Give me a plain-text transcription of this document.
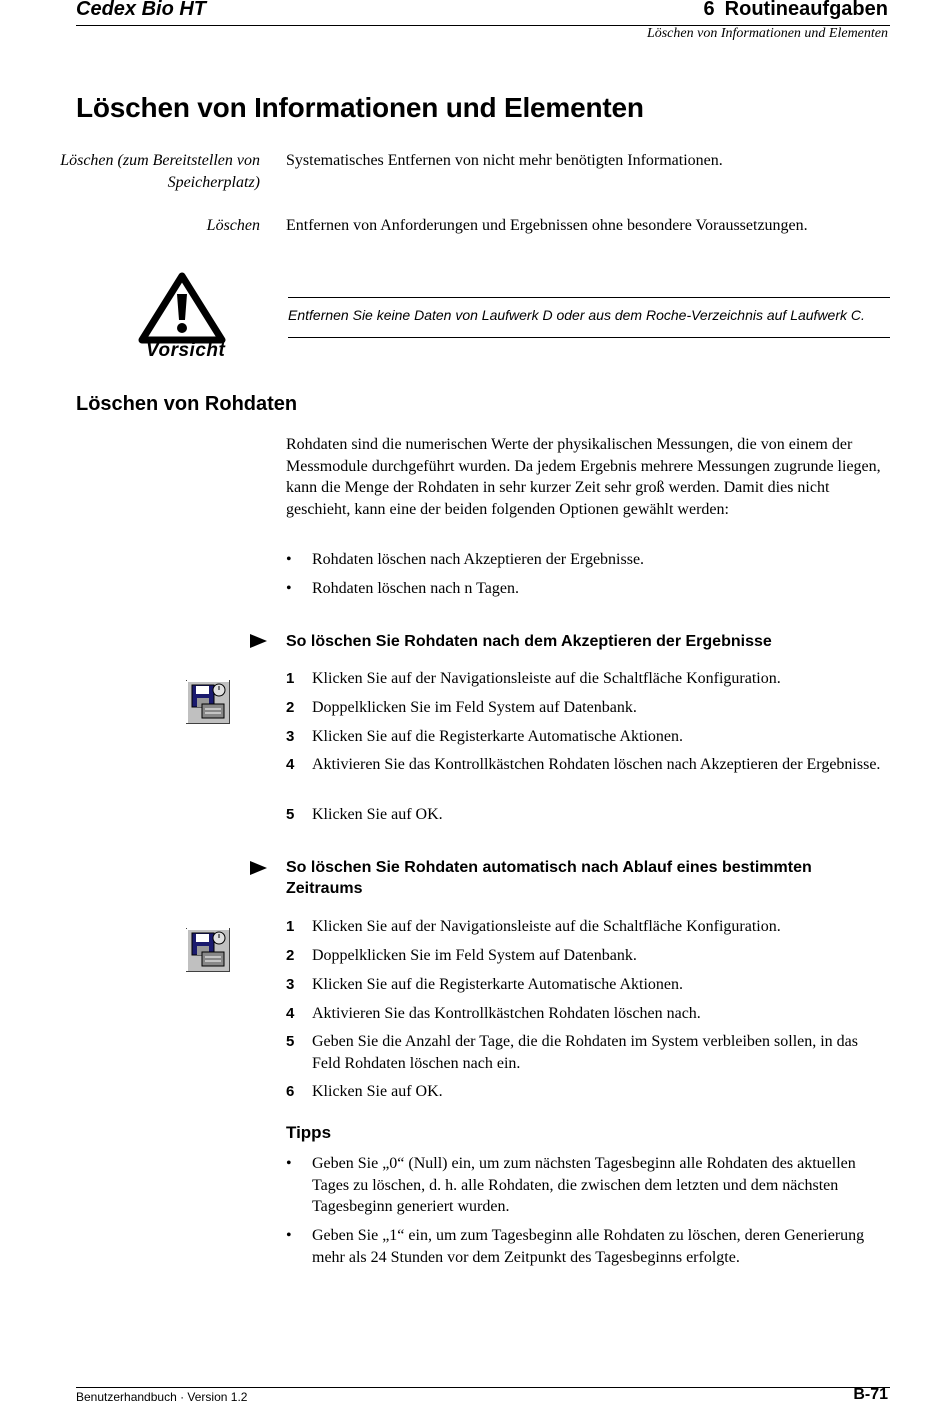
Cedex Bio HT	6 Routineaufgaben
Löschen von Informationen und Elementen
Löschen von Informationen und Elementen
Löschen (zum Bereitstellen von Speicherplatz)
Systematisches Entfernen von nicht mehr benötigten Informationen.
Löschen Entfernen von Anforderungen und Ergebnissen ohne besondere Voraussetzungen.
Vorsicht
Entfernen Sie keine Daten von Laufwerk D oder aus dem Roche-Verzeichnis auf Laufwerk C.
Löschen von Rohdaten
Rohdaten sind die numerischen Werte der physikalischen Messungen, die von einem der Messmodule durchgeführt wurden. Da jedem Ergebnis mehrere Messungen zugrunde liegen, kann die Menge der Rohdaten in sehr kurzer Zeit sehr groß werden. Damit dies nicht geschieht, kann eine der beiden folgenden Optionen gewählt werden:
• Rohdaten löschen nach Akzeptieren der Ergebnisse.
• Rohdaten löschen nach n Tagen.
So löschen Sie Rohdaten nach dem Akzeptieren der Ergebnisse
1 Klicken Sie auf der Navigationsleiste auf die Schaltfläche Konfiguration.
2 Doppelklicken Sie im Feld System auf Datenbank.
3 Klicken Sie auf die Registerkarte Automatische Aktionen.
4 Aktivieren Sie das Kontrollkästchen Rohdaten löschen nach Akzeptieren der Ergebnisse.
5 Klicken Sie auf OK.
So löschen Sie Rohdaten automatisch nach Ablauf eines bestimmten Zeitraums
1 Klicken Sie auf der Navigationsleiste auf die Schaltfläche Konfiguration.
2 Doppelklicken Sie im Feld System auf Datenbank.
3 Klicken Sie auf die Registerkarte Automatische Aktionen.
4 Aktivieren Sie das Kontrollkästchen Rohdaten löschen nach.
5 Geben Sie die Anzahl der Tage, die die Rohdaten im System verbleiben sollen, in das Feld Rohdaten löschen nach ein.
6 Klicken Sie auf OK.
Tipps
• Geben Sie „0“ (Null) ein, um zum nächsten Tagesbeginn alle Rohdaten des aktuellen Tages zu löschen, d. h. alle Rohdaten, die zwischen dem letzten und dem nächsten Tagesbeginn generiert wurden.
• Geben Sie „1“ ein, um zum Tagesbeginn alle Rohdaten zu löschen, deren Generierung mehr als 24 Stunden vor dem Zeitpunkt des Tagesbeginns erfolgte.
Benutzerhandbuch · Version 1.2	B-71
